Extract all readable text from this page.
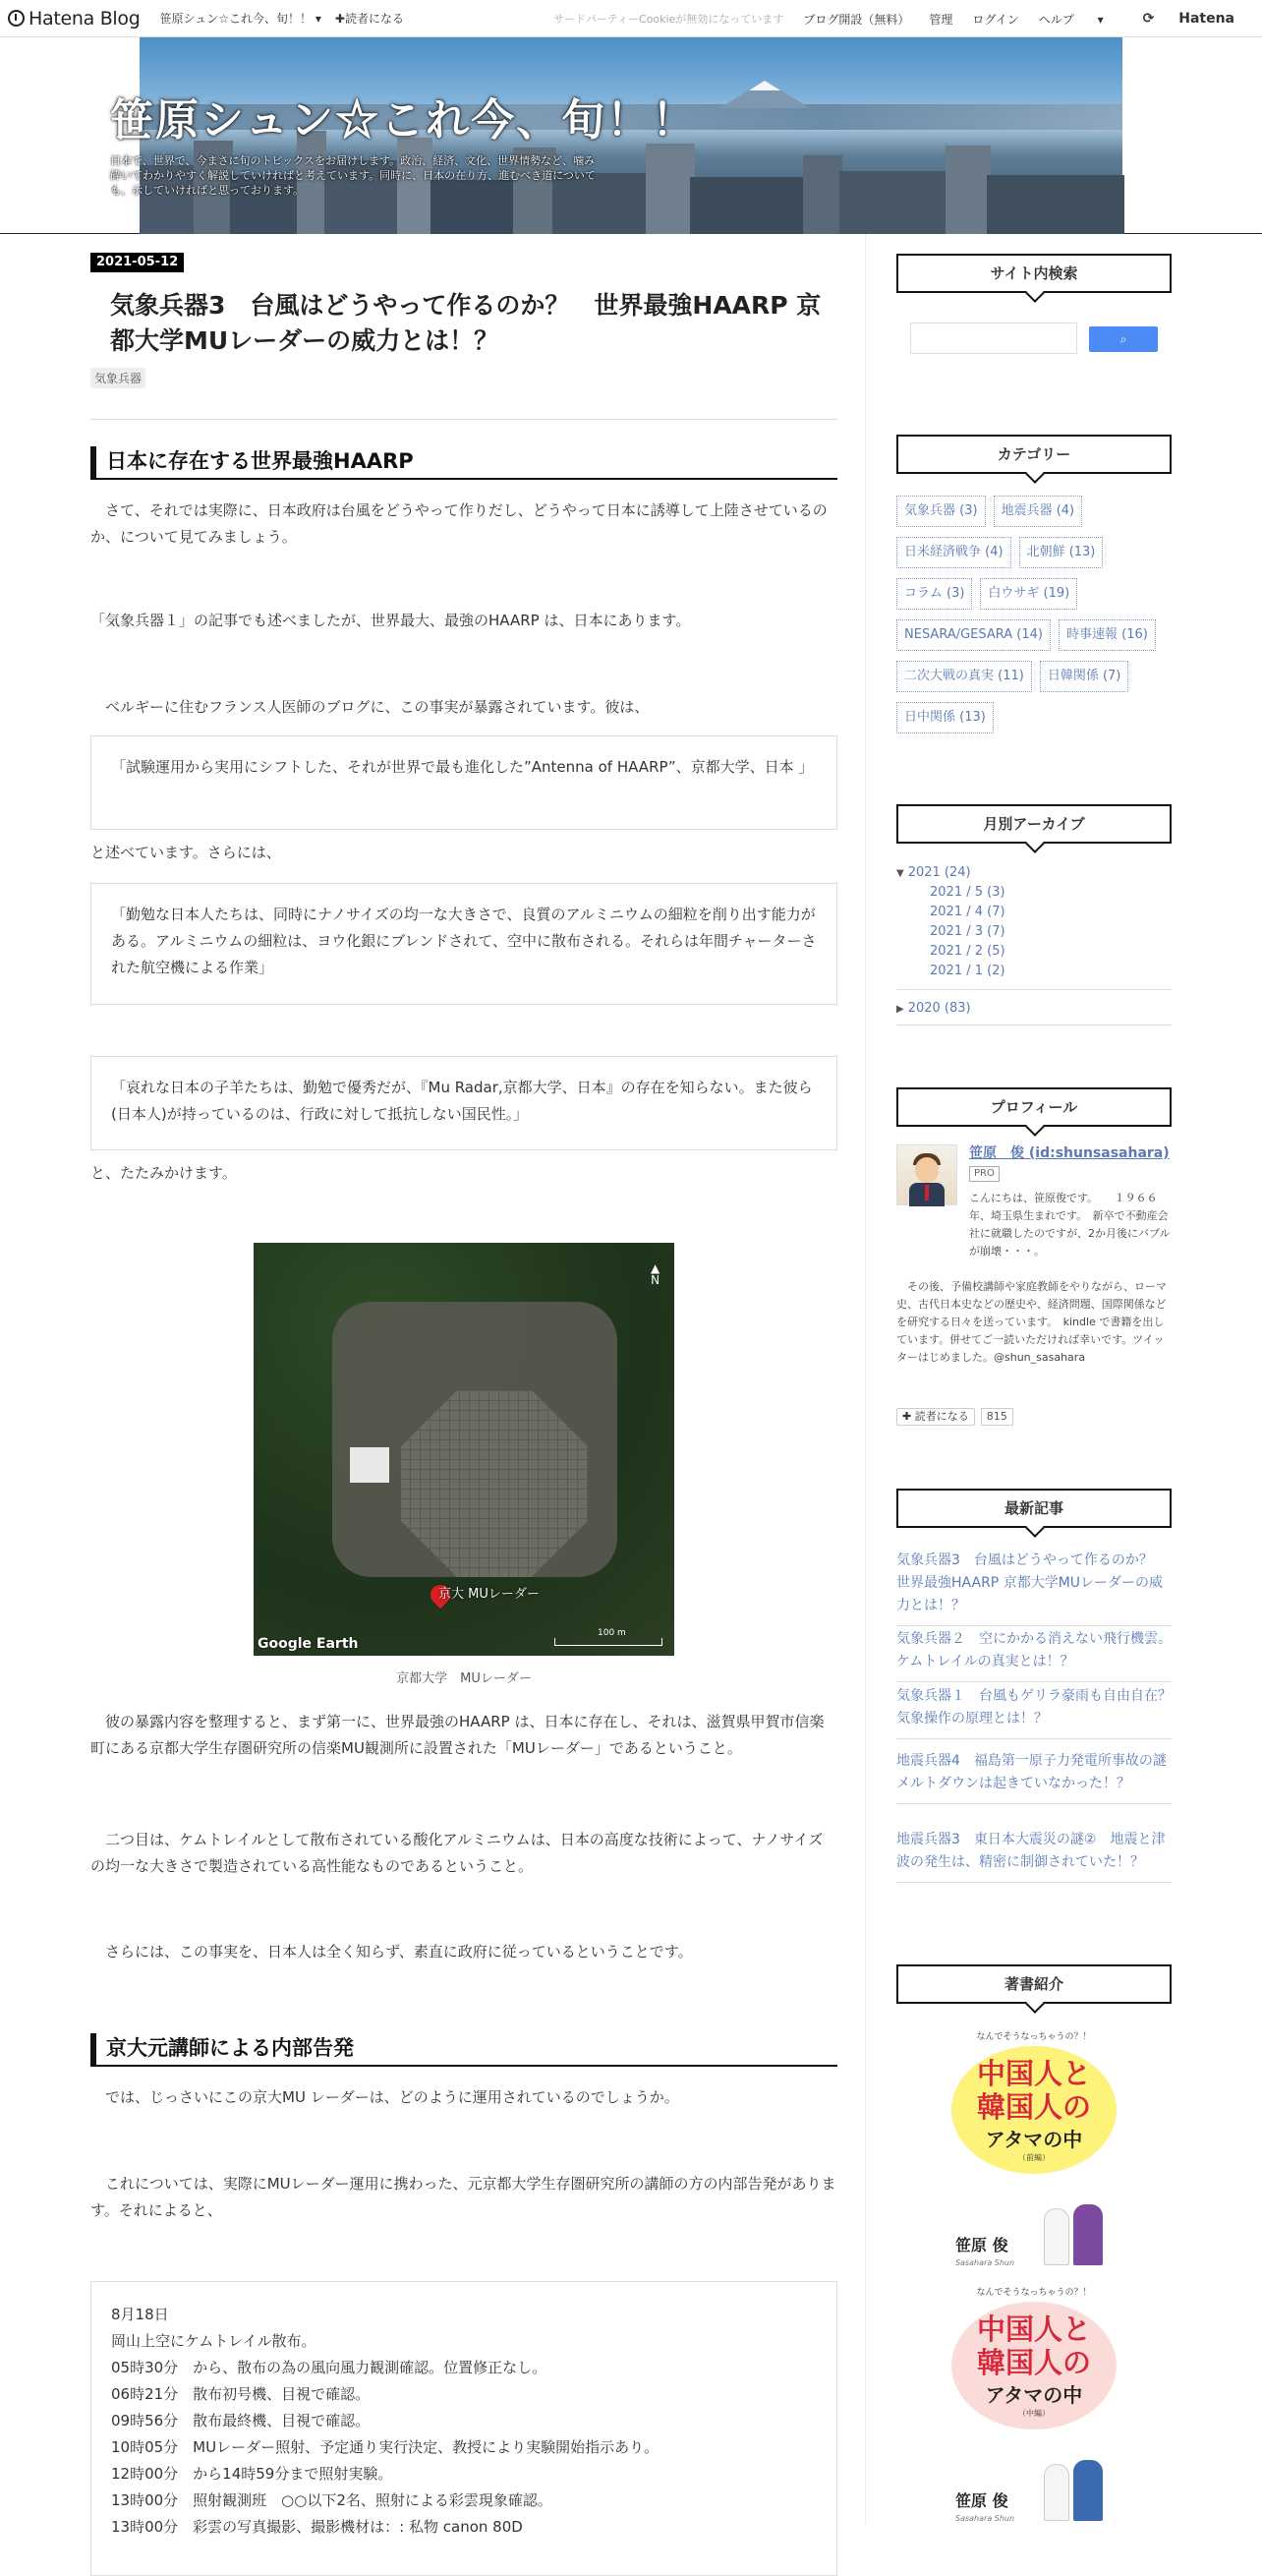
Hatena Blog 笹原シュン☆これ今、旬！！ ▾ ✚読者になる	サードパーティーCookieが無効になっています ブログ開設（無料） 管理 ログイン ヘルプ ▾	⟳ Hatena
笹原シュン☆これ今、旬！！
日本で、世界で、今まさに旬のトピックスをお届けします。政治、経済、文化、世界情勢など、噛み砕いてわかりやすく解説していければと考えています。同時に、日本の在り方、進むべき道についても、示していければと思っております。
2021-05-12
気象兵器3　台風はどうやって作るのか？　世界最強HAARP 京都大学MUレーダーの威力とは！？
気象兵器
日本に存在する世界最強HAARP
　さて、それでは実際に、日本政府は台風をどうやって作りだし、どうやって日本に誘導して上陸させているのか、について見てみましょう。
「気象兵器１」の記事でも述べましたが、世界最大、最強のHAARP は、日本にあります。
　ベルギーに住むフランス人医師のブログに、この事実が暴露されています。彼は、
「試験運用から実用にシフトした、それが世界で最も進化した”Antenna of HAARP”、京都大学、日本 」
と述べています。さらには、
「勤勉な日本人たちは、同時にナノサイズの均一な大きさで、良質のアルミニウムの細粒を削り出す能力がある。アルミニウムの細粒は、ヨウ化銀にブレンドされて、空中に散布される。それらは年間チャーターされた航空機による作業」
「哀れな日本の子羊たちは、勤勉で優秀だが、『Mu Radar,京都大学、日本』の存在を知らない。また彼ら(日本人)が持っているのは、行政に対して抵抗しない国民性。」
と、たたみかけます。
京大 MUレーダー
Google Earth
100 m
▲
N
京都大学　MUレーダー
　彼の暴露内容を整理すると、まず第一に、世界最強のHAARP は、日本に存在し、それは、滋賀県甲賀市信楽町にある京都大学生存圏研究所の信楽MU観測所に設置された「MUレーダー」であるということ。
　二つ目は、ケムトレイルとして散布されている酸化アルミニウムは、日本の高度な技術によって、ナノサイズの均一な大きさで製造されている高性能なものであるということ。
　さらには、この事実を、日本人は全く知らず、素直に政府に従っているということです。
京大元講師による内部告発
　では、じっさいにこの京大MU レーダーは、どのように運用されているのでしょうか。
　これについては、実際にMUレーダー運用に携わった、元京都大学生存圏研究所の講師の方の内部告発があります。それによると、
8月18日
岡山上空にケムトレイル散布。
05時30分　から、散布の為の風向風力観測確認。位置修正なし。
06時21分　散布初号機、目視で確認。
09時56分　散布最終機、目視で確認。
10時05分　MUレーダー照射、予定通り実行決定、教授により実験開始指示あり。
12時00分　から14時59分まで照射実験。
13時00分　照射観測班　○○以下2名、照射による彩雲現象確認。
13時00分　彩雲の写真撮影、撮影機材は：: 私物 canon 80D
サイト内検索
⌕
カテゴリー
気象兵器 (3)	地震兵器 (4)
日米経済戦争 (4)	北朝鮮 (13)
コラム (3)	白ウサギ (19)
NESARA/GESARA (14)	時事速報 (16)
二次大戦の真実 (11)	日韓関係 (7)
日中関係 (13)
月別アーカイブ
▼ 2021 (24)
2021 / 5 (3)
2021 / 4 (7)
2021 / 3 (7)
2021 / 2 (5)
2021 / 1 (2)
▶ 2020 (83)
プロフィール
笹原　俊 (id:shunsasahara)
PRO
こんにちは、笹原俊です。　　１９６６年、埼玉県生まれです。　新卒で不動産会社に就職したのですが、2か月後にバブルが崩壊・・・。
　その後、予備校講師や家庭教師をやりながら、ローマ史、古代日本史などの歴史や、経済問題、国際関係などを研究する日々を送っています。　kindle で書籍を出しています。併せてご一読いただければ幸いです。ツイッターはじめました。@shun_sasahara
✚ 読者になる	815
最新記事
気象兵器3　台風はどうやって作るのか？　世界最強HAARP 京都大学MUレーダーの威力とは！？
気象兵器２　空にかかる消えない飛行機雲。ケムトレイルの真実とは！？
気象兵器１　台風もゲリラ豪雨も自由自在？　気象操作の原理とは！？
地震兵器4　福島第一原子力発電所事故の謎　メルトダウンは起きていなかった！？
地震兵器3　東日本大震災の謎②　地震と津波の発生は、精密に制御されていた！？
著書紹介
なんでそうなっちゃうの？！
中国人と
韓国人の
アタマの中
（前編）
笹原 俊
Sasahara Shun
なんでそうなっちゃうの？！
中国人と
韓国人の
アタマの中
（中編）
笹原 俊
Sasahara Shun
